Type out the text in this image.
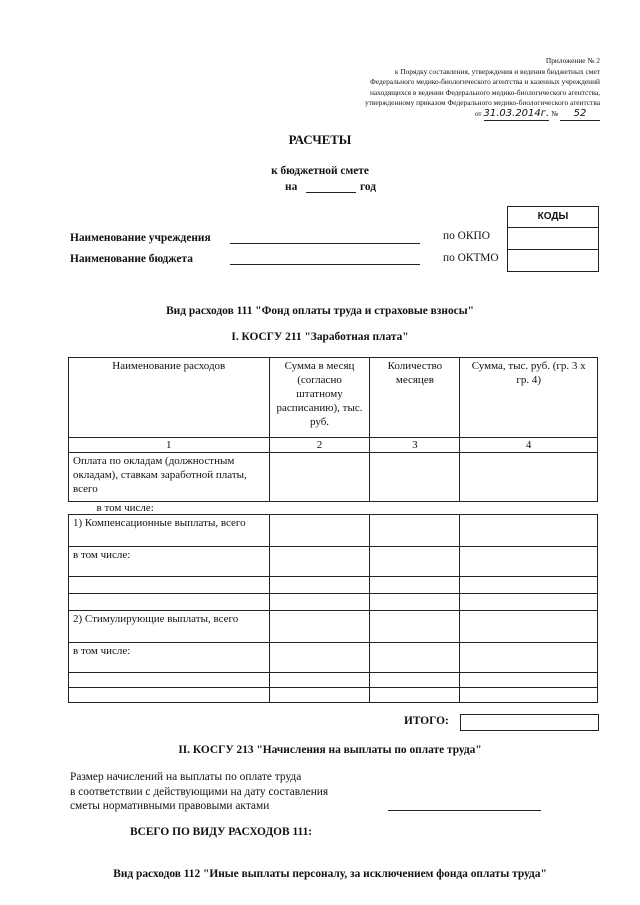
Приложение № 2
к Порядку составления, утверждения и ведения бюджетных смет
Федерального медико-биологического агентства и казенных учреждений
находящихся в ведении Федерального медико-биологического агентства,
утвержденному приказом Федерального медико-биологического агентства
от 31.03.2014г. № 52
РАСЧЕТЫ
к бюджетной смете
на	год
КОДЫ
Наименование учреждения	по ОКПО
Наименование бюджета	по ОКТМО
Вид расходов 111 "Фонд оплаты труда и страховые взносы"
I. КОСГУ 211 "Заработная плата"
Наименование расходов	Сумма в месяц (согласно штатному расписанию), тыс. руб.	Количество месяцев	Сумма, тыс. руб. (гр. 3 х гр. 4)
1	2	3	4
Оплата по окладам (должностным окладам), ставкам заработной платы, всего			
в том числе:			
1) Компенсационные выплаты, всего			
в том числе:			

2) Стимулирующие выплаты, всего			
в том числе:			

ИТОГО:
II. КОСГУ 213 "Начисления на выплаты по оплате труда"
Размер начислений на выплаты по оплате труда
в соответствии с действующими на дату составления
сметы нормативными правовыми актами
ВСЕГО ПО ВИДУ РАСХОДОВ 111:
Вид расходов 112 "Иные выплаты персоналу, за исключением фонда оплаты труда"
